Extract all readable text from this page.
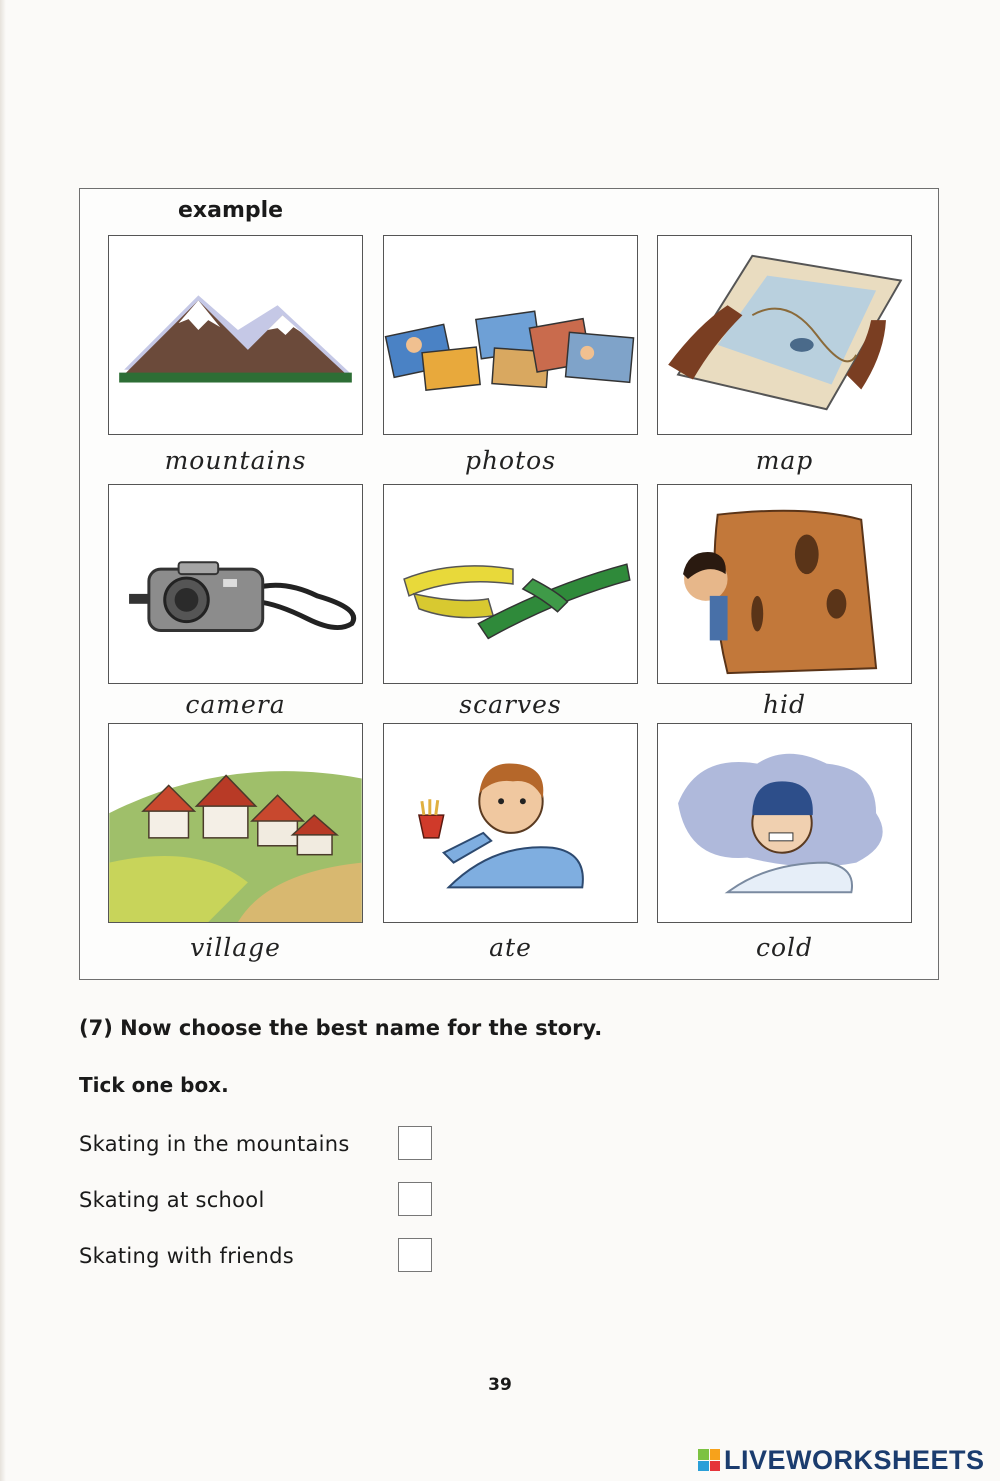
example
mountains	photos	map
camera	scarves	hid
village	ate	cold
(7) Now choose the best name for the story.
Tick one box.
Skating in the mountains
Skating at school
Skating with friends
39
LIVEWORKSHEETS
